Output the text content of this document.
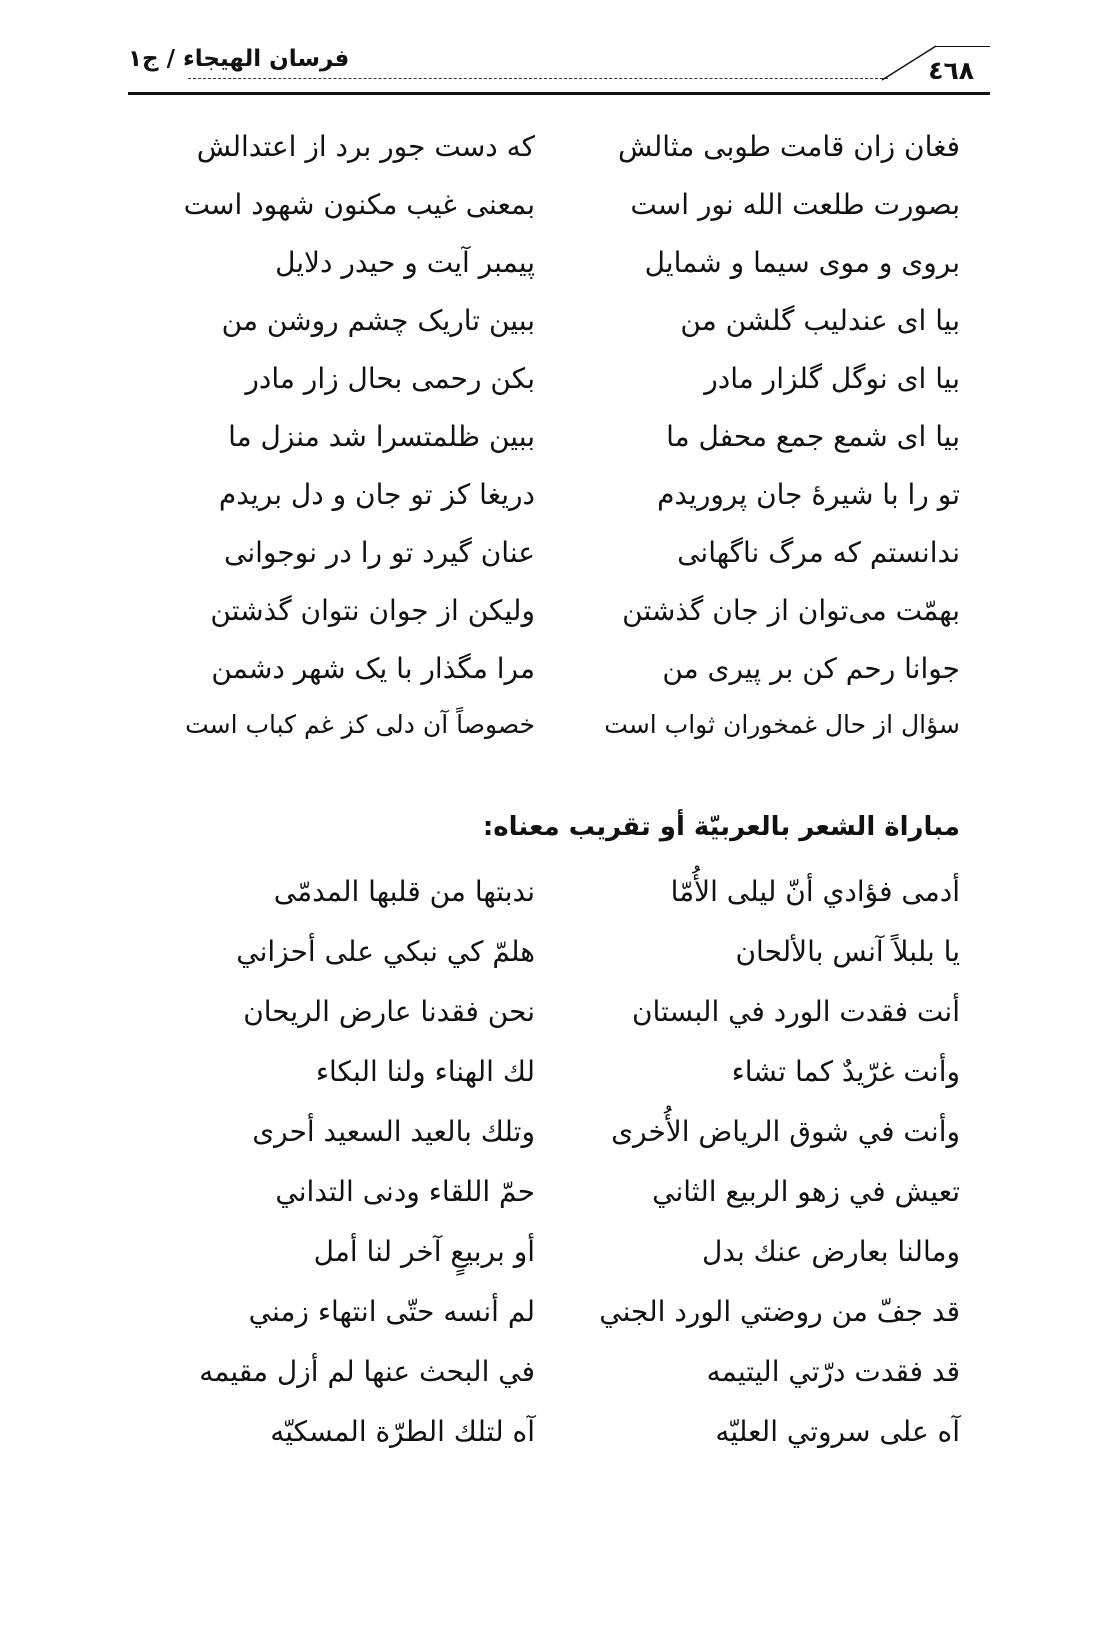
فرسان الهيجاء / ج١	٤٦٨
فغان زان قامت طوبی مثالش
که دست جور برد از اعتدالش
بصورت طلعت الله نور است
بمعنی غیب مکنون شهود است
بروی و موی سیما و شمایل
پیمبر آیت و حیدر دلایل
بیا ای عندلیب گلشن من
ببین تاریک چشم روشن من
بیا ای نوگل گلزار مادر
بکن رحمی بحال زار مادر
بیا ای شمع جمع محفل ما
ببین ظلمتسرا شد منزل ما
تو را با شیرهٔ جان پروریدم
دریغا کز تو جان و دل بریدم
ندانستم که مرگ ناگهانی
عنان گیرد تو را در نوجوانی
بهمّت می‌توان از جان گذشتن
ولیکن از جوان نتوان گذشتن
جوانا رحم کن بر پیری من
مرا مگذار با یک شهر دشمن
سؤال از حال غمخوران ثواب است
خصوصاً آن دلی کز غم کباب است
مباراة الشعر بالعربيّة أو تقريب معناه:
أدمى فؤادي أنّ ليلى الأُمّا
ندبتها من قلبها المدمّى
يا بلبلاً آنس بالألحان
هلمّ كي نبكي على أحزاني
أنت فقدت الورد في البستان
نحن فقدنا عارض الريحان
وأنت غرّيدٌ كما تشاء
لك الهناء ولنا البكاء
وأنت في شوق الرياض الأُخرى
وتلك بالعيد السعيد أحرى
تعيش في زهو الربيع الثاني
حمّ اللقاء ودنى التداني
ومالنا بعارض عنك بدل
أو بربيعٍ آخر لنا أمل
قد جفّ من روضتي الورد الجني
لم أنسه حتّى انتهاء زمني
قد فقدت درّتي اليتيمه
في البحث عنها لم أزل مقيمه
آه على سروتي العليّه
آه لتلك الطرّة المسكيّه
